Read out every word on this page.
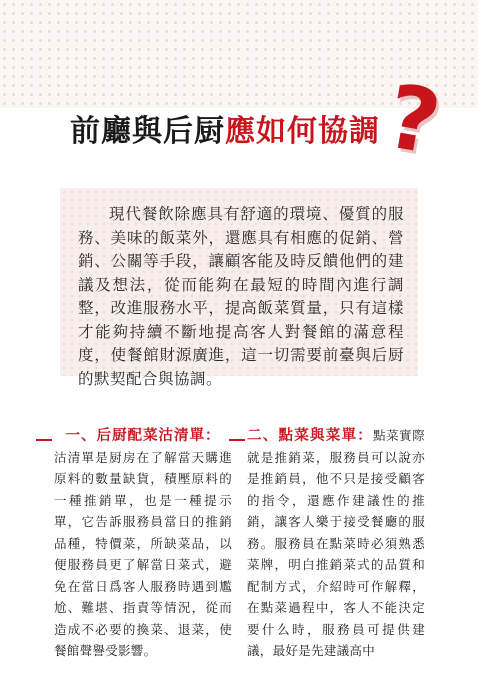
?
前廳與后厨應如何協調
現代餐飲除應具有舒適的環境、優質的服務、美味的飯菜外，還應具有相應的促銷、營銷、公關等手段，讓顧客能及時反饋他們的建議及想法，從而能夠在最短的時間內進行調整，改進服務水平，提高飯菜質量，只有這樣才能夠持續不斷地提高客人對餐館的滿意程度，使餐館財源廣進，這一切需要前臺與后厨的默契配合與協調。
一、后厨配菜沽清單：
沽清單是厨房在了解當天購進原料的數量缺貨，積壓原料的一種推銷單，也是一種提示單，它告訴服務員當日的推銷品種，特價菜，所缺菜品，以便服務員更了解當日菜式，避免在當日爲客人服務時遇到尷尬、難堪、指責等情況，從而造成不必要的換菜、退菜，使餐館聲譽受影響。
二、點菜與菜單：點菜實際就是推銷菜，服務員可以說亦是推銷員，他不只是接受顧客的指令，還應作建議性的推銷，讓客人樂于接受餐廳的服務。服務員在點菜時必須熟悉菜牌，明白推銷菜式的品質和配制方式，介紹時可作解釋，在點菜過程中，客人不能決定要什么時，服務員可提供建議，最好是先建議高中
